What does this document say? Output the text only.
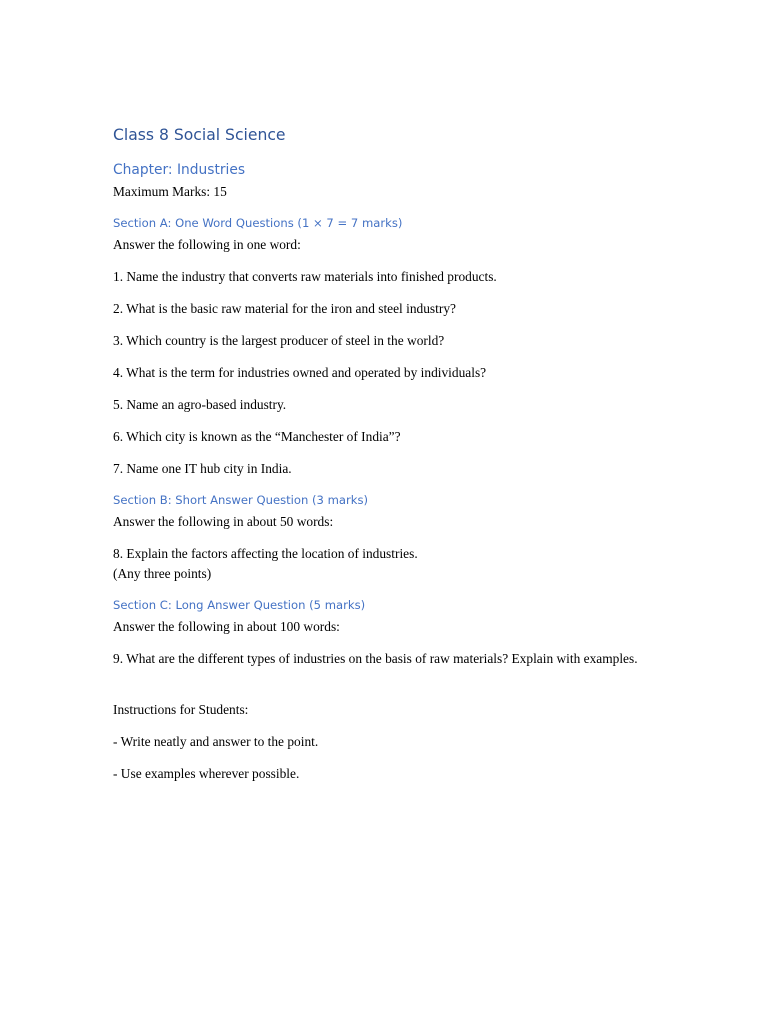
Class 8 Social Science
Chapter: Industries
Maximum Marks: 15
Section A: One Word Questions (1 × 7 = 7 marks)
Answer the following in one word:
1. Name the industry that converts raw materials into finished products.
2. What is the basic raw material for the iron and steel industry?
3. Which country is the largest producer of steel in the world?
4. What is the term for industries owned and operated by individuals?
5. Name an agro-based industry.
6. Which city is known as the “Manchester of India”?
7. Name one IT hub city in India.
Section B: Short Answer Question (3 marks)
Answer the following in about 50 words:
8. Explain the factors affecting the location of industries.
(Any three points)
Section C: Long Answer Question (5 marks)
Answer the following in about 100 words:
9. What are the different types of industries on the basis of raw materials? Explain with examples.
Instructions for Students:
- Write neatly and answer to the point.
- Use examples wherever possible.
